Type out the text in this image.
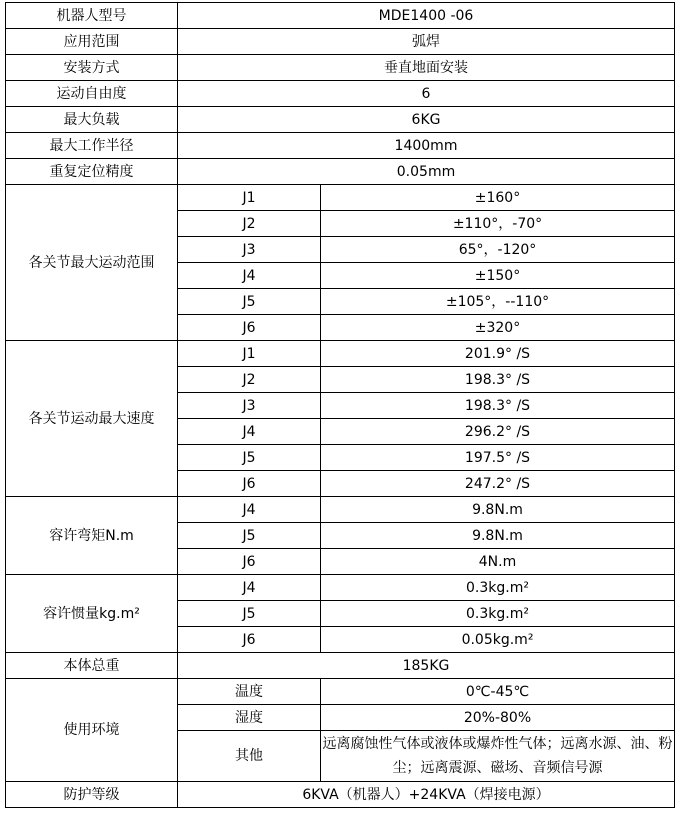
机器人型号	MDE1400 -06	
应用范围	弧焊	
安装方式	垂直地面安装	
运动自由度	6	
最大负载	6KG	
最大工作半径	1400mm	
重复定位精度	0.05mm	
各关节最大运动范围	J1	±160°
	J2	±110°，-70°
	J3	65°，-120°
	J4	±150°
	J5	±105°，--110°
	J6	±320°
各关节运动最大速度	J1	201.9° /S
	J2	198.3° /S
	J3	198.3° /S
	J4	296.2° /S
	J5	197.5° /S
	J6	247.2° /S
容许弯矩N.m	J4	9.8N.m
	J5	9.8N.m
	J6	4N.m
容许惯量kg.m²	J4	0.3kg.m²
	J5	0.3kg.m²
	J6	0.05kg.m²
本体总重	185KG	
使用环境	温度	0℃-45℃
	湿度	20%-80%
	其他	远离腐蚀性气体或液体或爆炸性气体；远离水源、油、粉尘；远离震源、磁场、音频信号源
防护等级	6KVA（机器人）+24KVA（焊接电源）	
